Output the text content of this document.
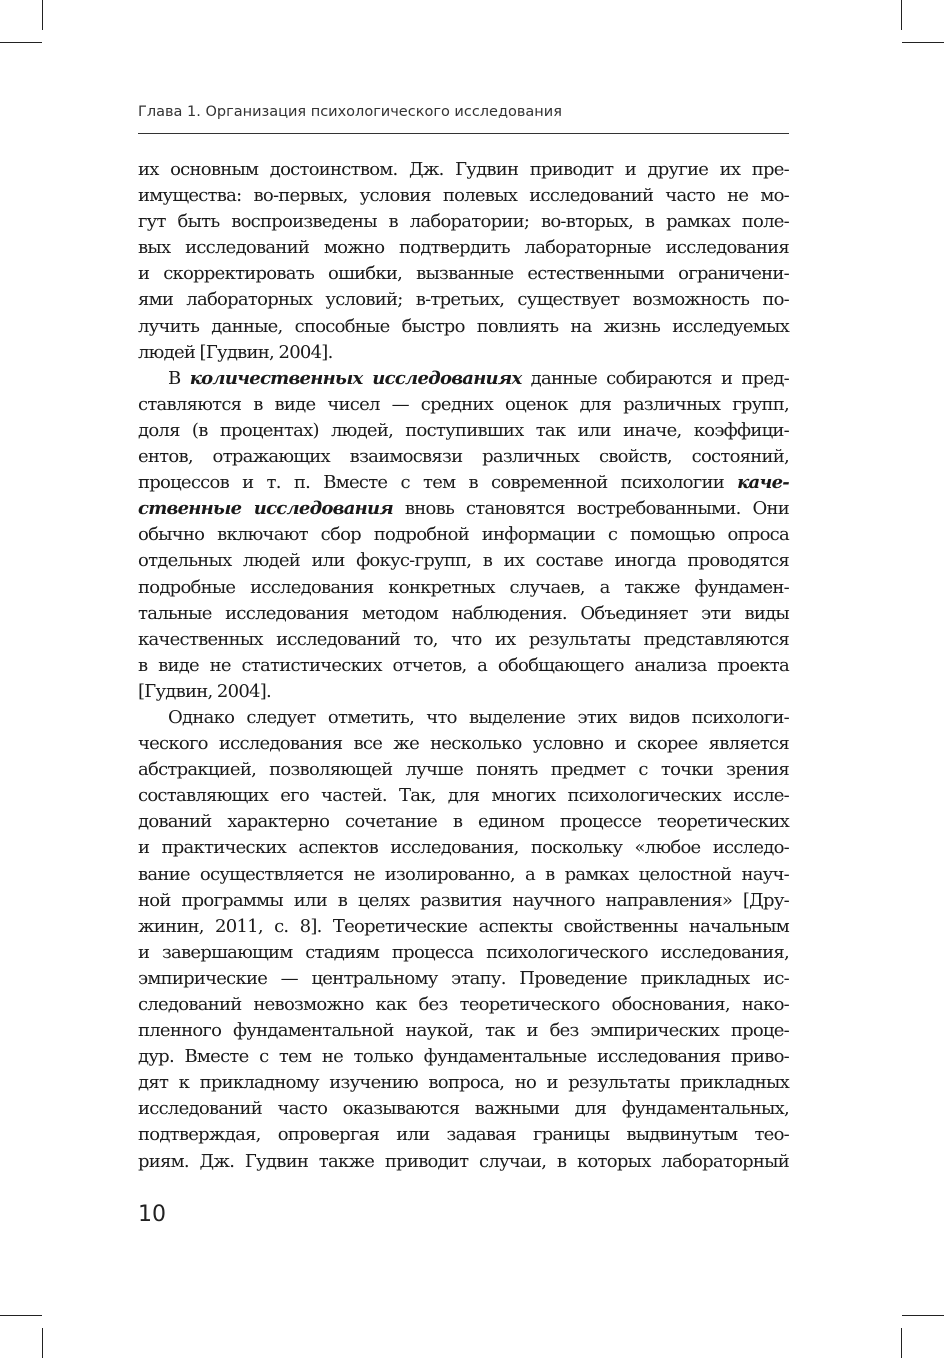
Глава 1. Организация психологического исследования
их основным достоинством. Дж. Гудвин приводит и другие их пре-
имущества: во-первых, условия полевых исследований часто не мо-
гут быть воспроизведены в лаборатории; во-вторых, в рамках поле-
вых исследований можно подтвердить лабораторные исследования
и скорректировать ошибки, вызванные естественными ограничени-
ями лабораторных условий; в-третьих, существует возможность по-
лучить данные, способные быстро повлиять на жизнь исследуемых
людей [Гудвин, 2004].
В количественных исследованиях данные собираются и пред-
ставляются в виде чисел — средних оценок для различных групп,
доля (в процентах) людей, поступивших так или иначе, коэффици-
ентов, отражающих взаимосвязи различных свойств, состояний,
процессов и т. п. Вместе с тем в современной психологии каче-
ственные исследования вновь становятся востребованными. Они
обычно включают сбор подробной информации с помощью опроса
отдельных людей или фокус-групп, в их составе иногда проводятся
подробные исследования конкретных случаев, а также фундамен-
тальные исследования методом наблюдения. Объединяет эти виды
качественных исследований то, что их результаты представляются
в виде не статистических отчетов, а обобщающего анализа проекта
[Гудвин, 2004].
Однако следует отметить, что выделение этих видов психологи-
ческого исследования все же несколько условно и скорее является
абстракцией, позволяющей лучше понять предмет с точки зрения
составляющих его частей. Так, для многих психологических иссле-
дований характерно сочетание в едином процессе теоретических
и практических аспектов исследования, поскольку «любое исследо-
вание осуществляется не изолированно, а в рамках целостной науч-
ной программы или в целях развития научного направления» [Дру-
жинин, 2011, с. 8]. Теоретические аспекты свойственны начальным
и завершающим стадиям процесса психологического исследования,
эмпирические — центральному этапу. Проведение прикладных ис-
следований невозможно как без теоретического обоснования, нако-
пленного фундаментальной наукой, так и без эмпирических проце-
дур. Вместе с тем не только фундаментальные исследования приво-
дят к прикладному изучению вопроса, но и результаты прикладных
исследований часто оказываются важными для фундаментальных,
подтверждая, опровергая или задавая границы выдвинутым тео-
риям. Дж. Гудвин также приводит случаи, в которых лабораторный
10
